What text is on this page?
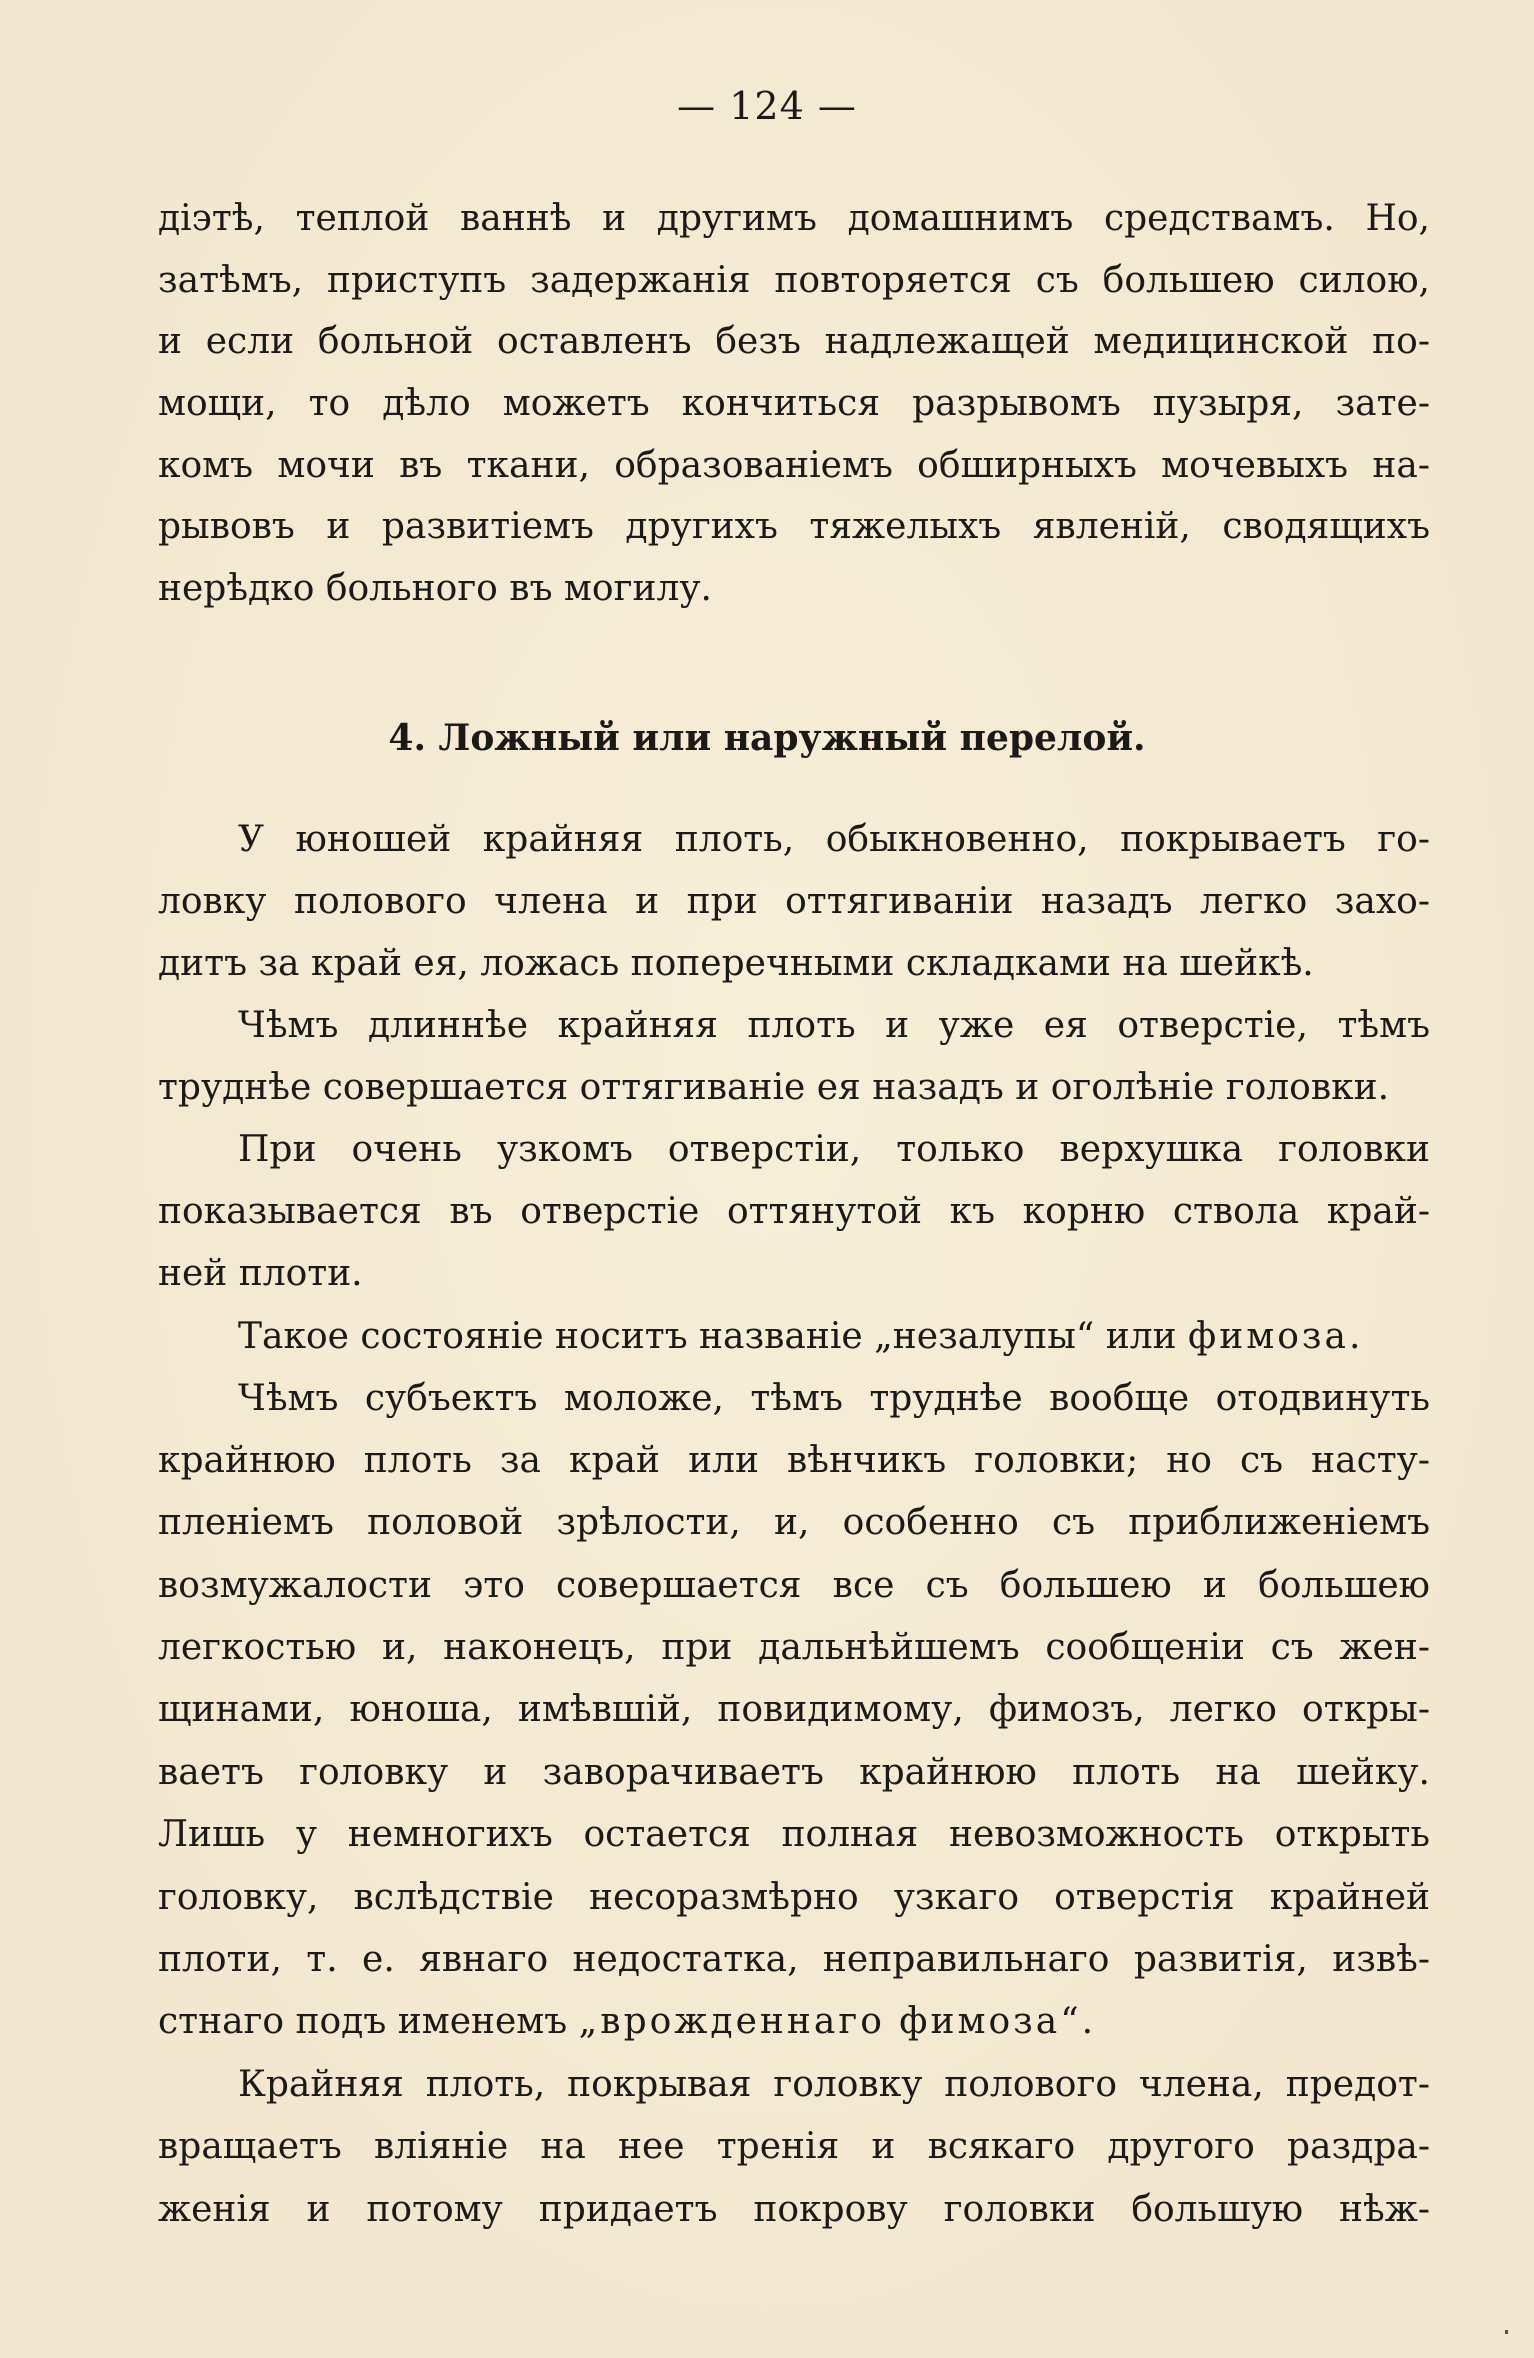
— 124 —
діэтѣ, теплой ваннѣ и другимъ домашнимъ средствамъ. Но,
затѣмъ, приступъ задержанія повторяется съ большею силою,
и если больной оставленъ безъ надлежащей медицинской по-
мощи, то дѣло можетъ кончиться разрывомъ пузыря, зате-
комъ мочи въ ткани, образованіемъ обширныхъ мочевыхъ на-
рывовъ и развитіемъ другихъ тяжелыхъ явленій, сводящихъ
нерѣдко больного въ могилу.
4. Ложный или наружный перелой.
У юношей крайняя плоть, обыкновенно, покрываетъ го-
ловку полового члена и при оттягиваніи назадъ легко захо-
дитъ за край ея, ложась поперечными складками на шейкѣ.
Чѣмъ длиннѣе крайняя плоть и уже ея отверстіе, тѣмъ
труднѣе совершается оттягиваніе ея назадъ и оголѣніе головки.
При очень узкомъ отверстіи, только верхушка головки
показывается въ отверстіе оттянутой къ корню ствола край-
ней плоти.
Такое состояніе носитъ названіе „незалупы“ или фимоза.
Чѣмъ субъектъ моложе, тѣмъ труднѣе вообще отодвинуть
крайнюю плоть за край или вѣнчикъ головки; но съ насту-
пленіемъ половой зрѣлости, и, особенно съ приближеніемъ
возмужалости это совершается все съ большею и большею
легкостью и, наконецъ, при дальнѣйшемъ сообщеніи съ жен-
щинами, юноша, имѣвшій, повидимому, фимозъ, легко откры-
ваетъ головку и заворачиваетъ крайнюю плоть на шейку.
Лишь у немногихъ остается полная невозможность открыть
головку, вслѣдствіе несоразмѣрно узкаго отверстія крайней
плоти, т. е. явнаго недостатка, неправильнаго развитія, извѣ-
стнаго подъ именемъ „врожденнаго фимоза“.
Крайняя плоть, покрывая головку полового члена, предот-
вращаетъ вліяніе на нее тренія и всякаго другого раздра-
женія и потому придаетъ покрову головки большую нѣж-
